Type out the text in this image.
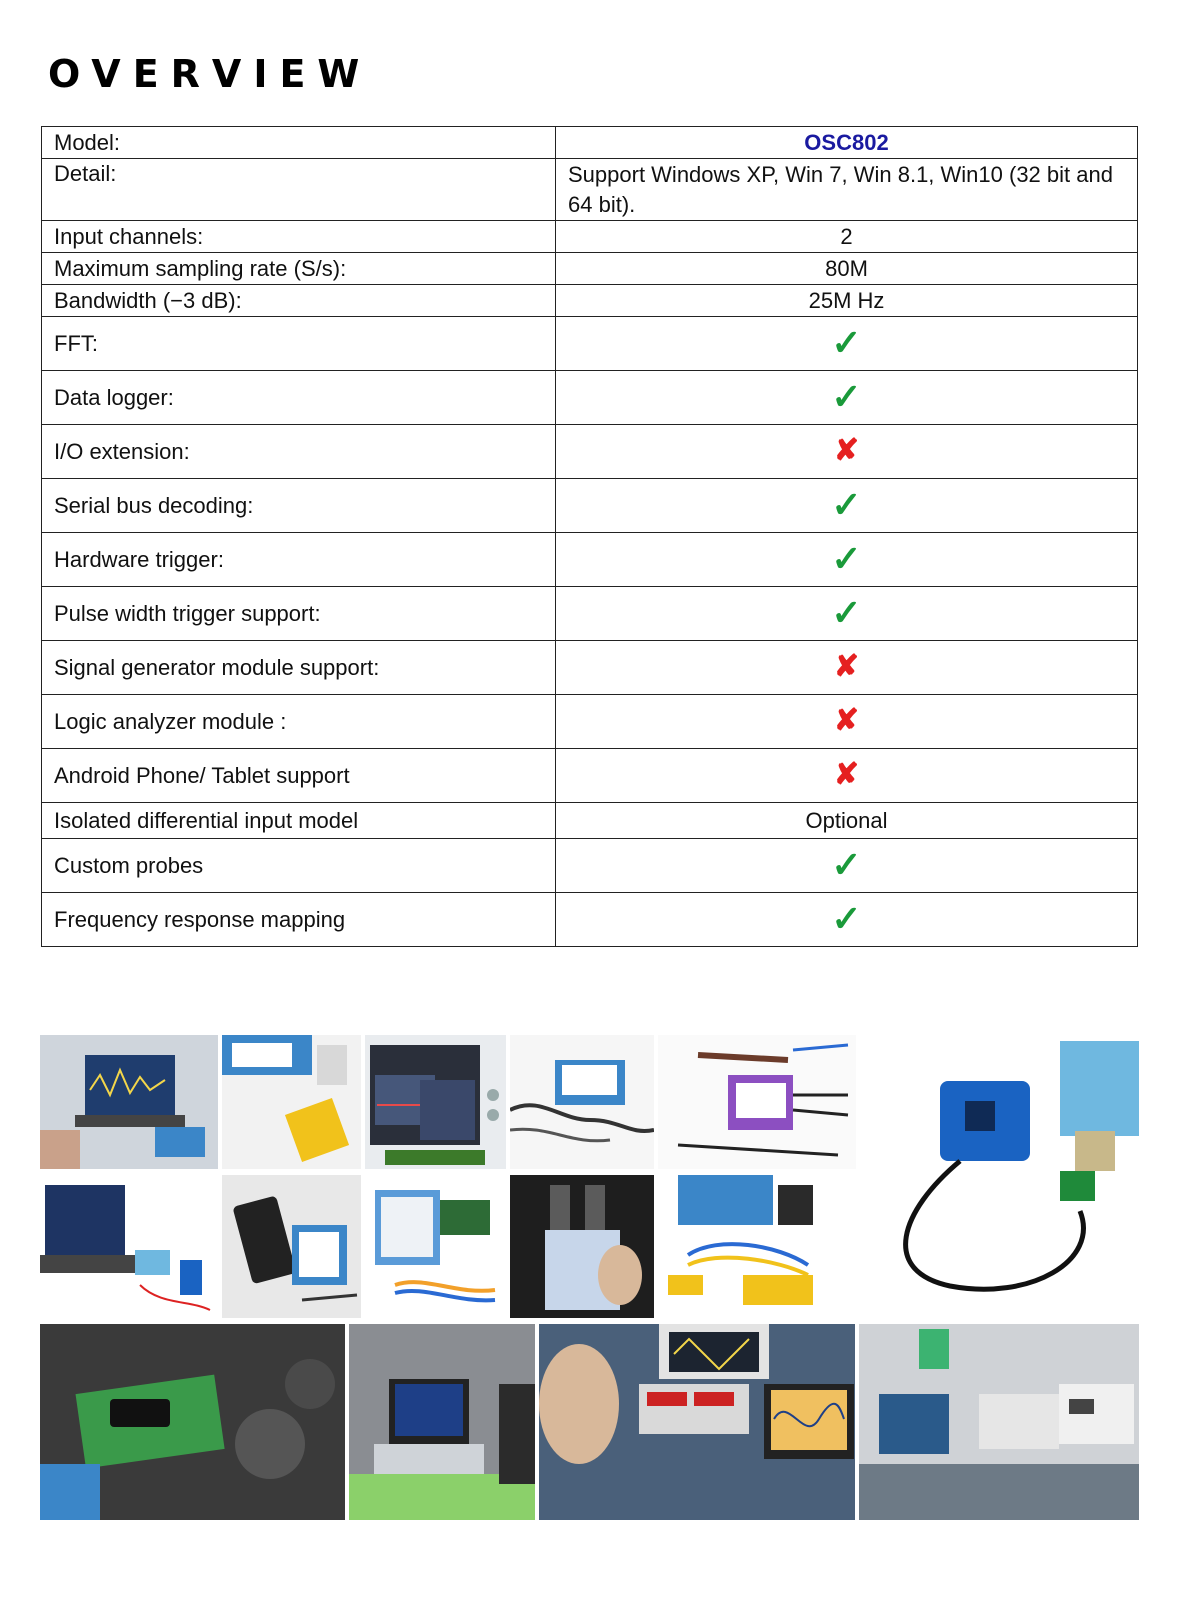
OVERVIEW
Model:	OSC802
Detail:	Support Windows XP, Win 7, Win 8.1, Win10 (32 bit and 64 bit).
Input channels:	2
Maximum sampling rate (S/s):	80M
Bandwidth (−3 dB):	25M Hz
FFT:	✓
Data logger:	✓
I/O extension:	✘
Serial bus decoding:	✓
Hardware trigger:	✓
Pulse width trigger support:	✓
Signal generator module support:	✘
Logic analyzer module :	✘
Android Phone/ Tablet support	✘
Isolated differential input model	Optional
Custom probes	✓
Frequency response mapping	✓
